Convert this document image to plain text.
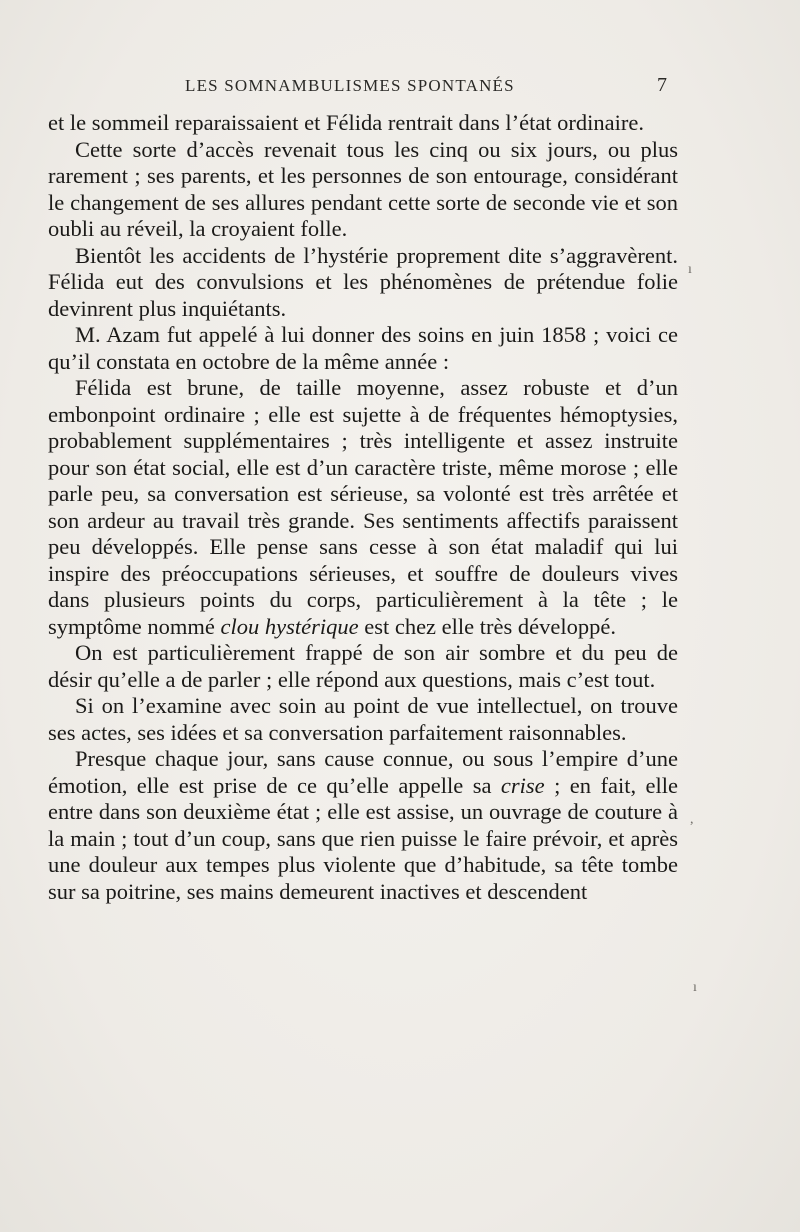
LES SOMNAMBULISMES SPONTANÉS	7

et le sommeil reparaissaient et Félida rentrait dans l’état ordinaire.

Cette sorte d’accès revenait tous les cinq ou six jours, ou plus rarement ; ses parents, et les personnes de son entourage, considérant le changement de ses allures pendant cette sorte de seconde vie et son oubli au réveil, la croyaient folle.

Bientôt les accidents de l’hystérie proprement dite s’aggravèrent. Félida eut des convulsions et les phénomènes de prétendue folie devinrent plus inquiétants.

M. Azam fut appelé à lui donner des soins en juin 1858 ; voici ce qu’il constata en octobre de la même année :

Félida est brune, de taille moyenne, assez robuste et d’un embonpoint ordinaire ; elle est sujette à de fréquentes hémoptysies, probablement supplémentaires ; très intelligente et assez instruite pour son état social, elle est d’un caractère triste, même morose ; elle parle peu, sa conversation est sérieuse, sa volonté est très arrêtée et son ardeur au travail très grande. Ses sentiments affectifs paraissent peu développés. Elle pense sans cesse à son état maladif qui lui inspire des préoccupations sérieuses, et souffre de douleurs vives dans plusieurs points du corps, particulièrement à la tête ; le symptôme nommé clou hystérique est chez elle très développé.

On est particulièrement frappé de son air sombre et du peu de désir qu’elle a de parler ; elle répond aux questions, mais c’est tout.

Si on l’examine avec soin au point de vue intellectuel, on trouve ses actes, ses idées et sa conversation parfaitement raisonnables.

Presque chaque jour, sans cause connue, ou sous l’empire d’une émotion, elle est prise de ce qu’elle appelle sa crise ; en fait, elle entre dans son deuxième état ; elle est assise, un ouvrage de couture à la main ; tout d’un coup, sans que rien puisse le faire prévoir, et après une douleur aux tempes plus violente que d’habitude, sa tête tombe sur sa poitrine, ses mains demeurent inactives et descendent

ı
,
ı
